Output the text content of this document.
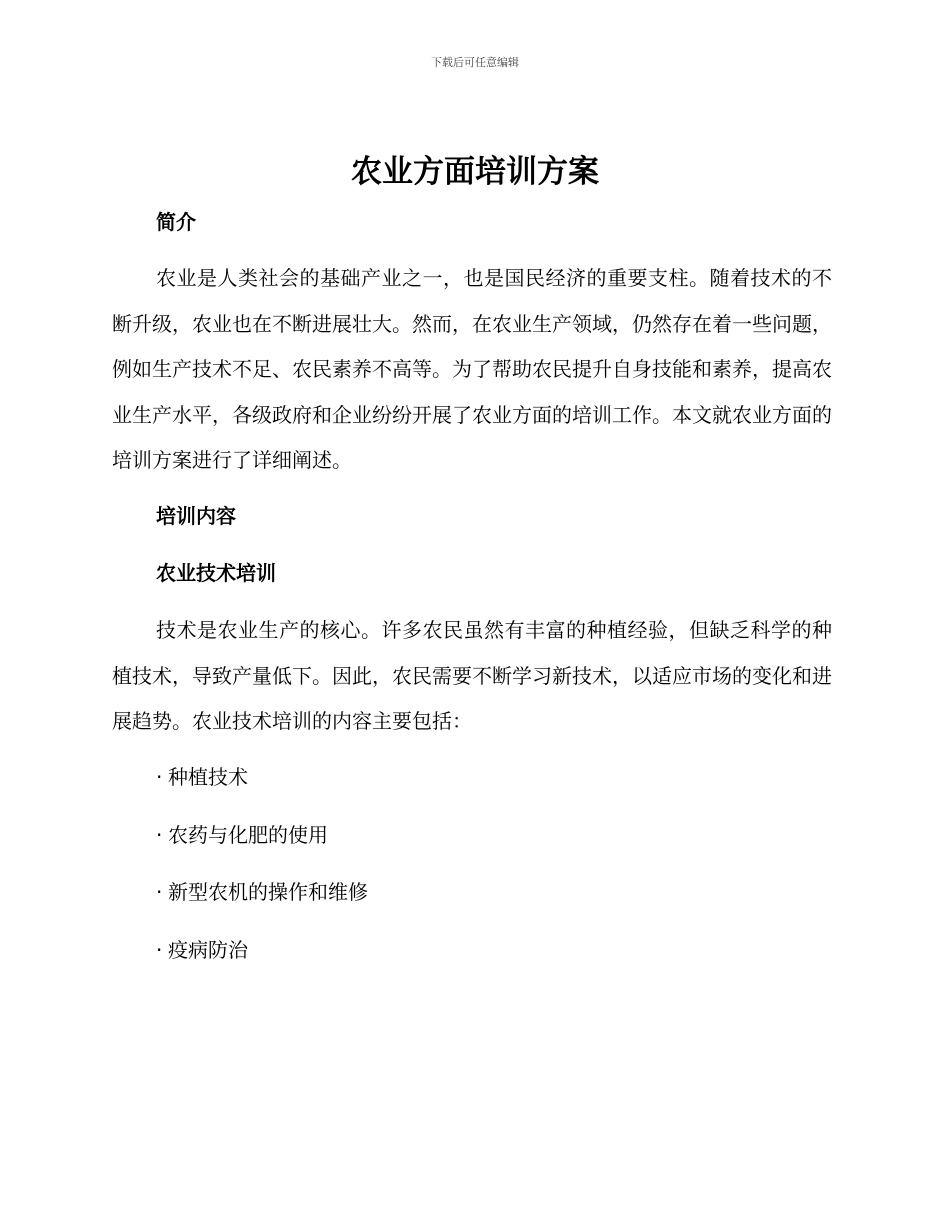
下载后可任意编辑
农业方面培训方案
简介

农业是人类社会的基础产业之一，也是国民经济的重要支柱。随着技术的不断升级，农业也在不断进展壮大。然而，在农业生产领域，仍然存在着一些问题，例如生产技术不足、农民素养不高等。为了帮助农民提升自身技能和素养，提高农业生产水平，各级政府和企业纷纷开展了农业方面的培训工作。本文就农业方面的培训方案进行了详细阐述。

培训内容
农业技术培训

技术是农业生产的核心。许多农民虽然有丰富的种植经验，但缺乏科学的种植技术，导致产量低下。因此，农民需要不断学习新技术，以适应市场的变化和进展趋势。农业技术培训的内容主要包括：

· 种植技术
· 农药与化肥的使用
· 新型农机的操作和维修
· 疫病防治
